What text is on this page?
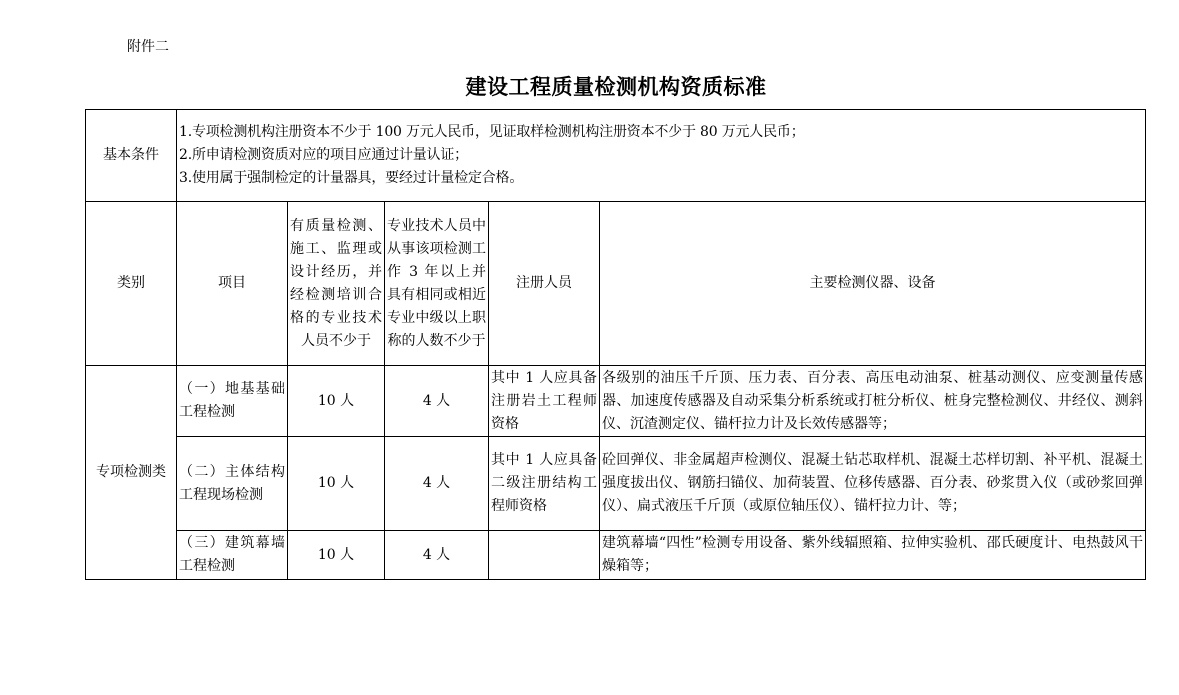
附件二
建设工程质量检测机构资质标准
基本条件	1.专项检测机构注册资本不少于 100 万元人民币，见证取样检测机构注册资本不少于 80 万元人民币；
2.所申请检测资质对应的项目应通过计量认证；
3.使用属于强制检定的计量器具，要经过计量检定合格。				

类别	项目	有质量检测、施工、监理或设计经历，并经检测培训合格的专业技术人员不少于	专业技术人员中从事该项检测工作 3 年以上并具有相同或相近专业中级以上职称的人数不少于	注册人员	主要检测仪器、设备
专项检测类	（一）地基基础工程检测	10 人	4 人	其中 1 人应具备注册岩土工程师资格	各级别的油压千斤顶、压力表、百分表、高压电动油泵、桩基动测仪、应变测量传感器、加速度传感器及自动采集分析系统或打桩分析仪、桩身完整检测仪、井经仪、测斜仪、沉渣测定仪、锚杆拉力计及长效传感器等；
	（二）主体结构工程现场检测	10 人	4 人	其中 1 人应具备二级注册结构工程师资格	砼回弹仪、非金属超声检测仪、混凝土钻芯取样机、混凝土芯样切割、补平机、混凝土强度拔出仪、钢筋扫锚仪、加荷装置、位移传感器、百分表、砂浆贯入仪（或砂浆回弹仪）、扁式液压千斤顶（或原位轴压仪）、锚杆拉力计、等；
	（三）建筑幕墙工程检测	10 人	4 人		建筑幕墙“四性”检测专用设备、紫外线辐照箱、拉伸实验机、邵氏硬度计、电热鼓风干燥箱等；
